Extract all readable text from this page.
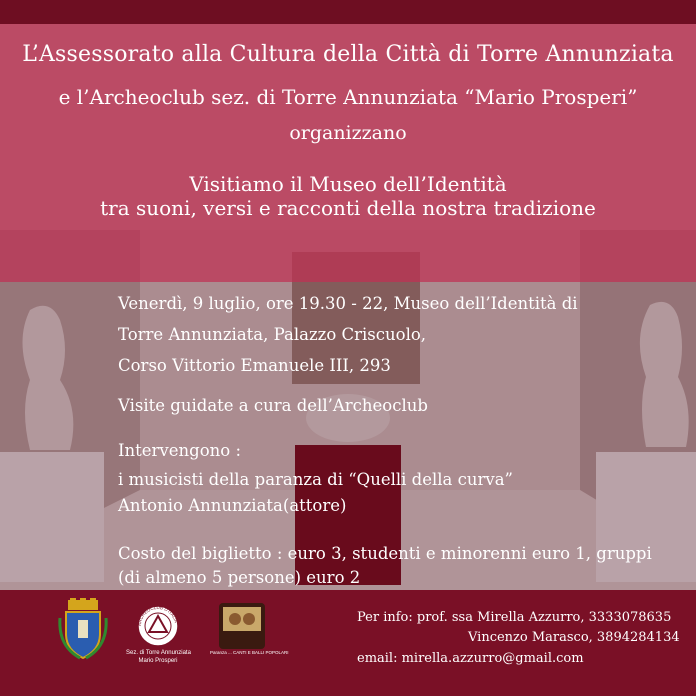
L’Assessorato alla Cultura della Città di Torre Annunziata
e l’Archeoclub sez. di Torre Annunziata “Mario Prosperi”
organizzano
Visitiamo il Museo dell’Identità
tra suoni, versi e racconti della nostra tradizione
Venerdì, 9 luglio, ore 19.30 - 22, Museo dell’Identità di
Torre Annunziata, Palazzo Criscuolo,
Corso Vittorio Emanuele III, 293
Visite guidate a cura dell’Archeoclub
Intervengono :
i musicisti della paranza di “Quelli della curva”
Antonio Annunziata(attore)
Costo del biglietto : euro 3, studenti e minorenni euro 1, gruppi
(di almeno 5 persone) euro 2
ARCHEOCLUB D'ITALIA
Sez. di Torre Annunziata
Mario Prosperi
Paranza ... CANTI E BALLI POPOLARI
Per info: prof. ssa Mirella Azzurro, 3333078635
Vincenzo Marasco, 3894284134
email: mirella.azzurro@gmail.com
